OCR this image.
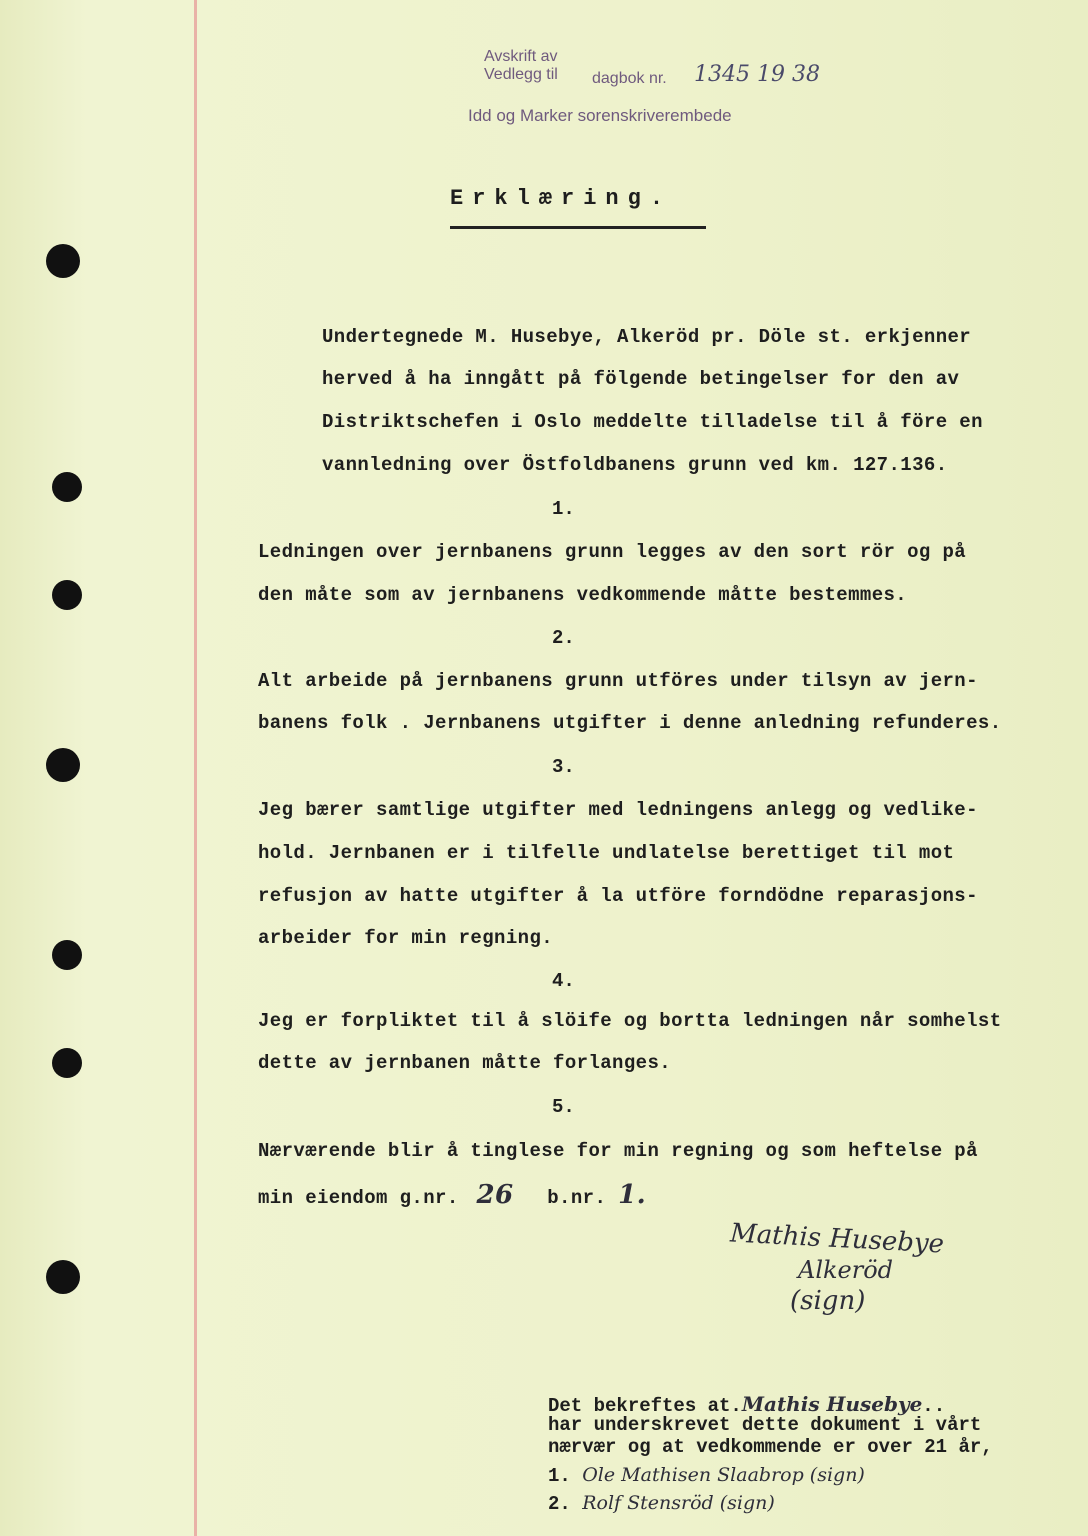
Avskrift av
Vedlegg til dagbok nr. 1345 19 38
Idd og Marker sorenskriverembede
Erklæring.
Undertegnede M. Husebye, Alkeröd pr. Döle st. erkjenner
herved å ha inngått på fölgende betingelser for den av
Distriktschefen i Oslo meddelte tilladelse til å före en
vannledning over Östfoldbanens grunn ved km. 127.136.
1.
Ledningen over jernbanens grunn legges av den sort rör og på
den måte som av jernbanens vedkommende måtte bestemmes.
2.
Alt arbeide på jernbanens grunn utföres under tilsyn av jern-
banens folk . Jernbanens utgifter i denne anledning refunderes.
3.
Jeg bærer samtlige utgifter med ledningens anlegg og vedlike-
hold. Jernbanen er i tilfelle undlatelse berettiget til mot
refusjon av hatte utgifter å la utföre forndödne reparasjons-
arbeider for min regning.
4.
Jeg er forpliktet til å slöife og bortta ledningen når somhelst
dette av jernbanen måtte forlanges.
5.
Nærværende blir å tinglese for min regning og som heftelse på
min eiendom g.nr. 26 b.nr. 1.
Mathis Husebye
Alkeröd
(sign)
Det bekreftes at.Mathis Husebye..
har underskrevet dette dokument i vårt
nærvær og at vedkommende er over 21 år,
1. Ole Mathisen Slaabrop (sign)
2. Rolf Stensröd (sign)
